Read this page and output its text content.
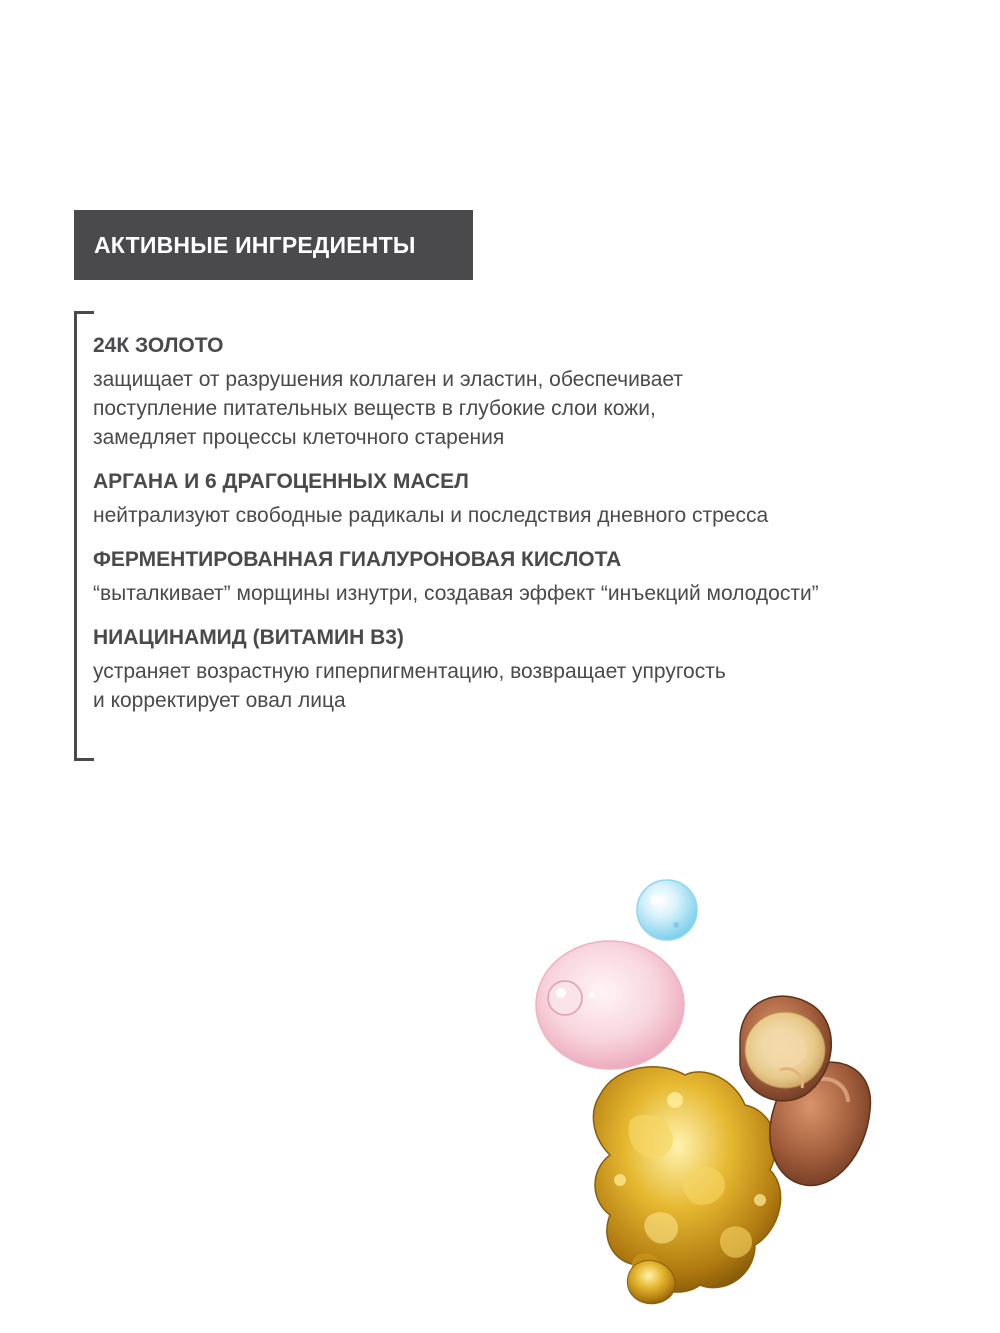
АКТИВНЫЕ ИНГРЕДИЕНТЫ
24К ЗОЛОТО
защищает от разрушения коллаген и эластин, обеспечивает
поступление питательных веществ в глубокие слои кожи,
замедляет процессы клеточного старения
АРГАНА И 6 ДРАГОЦЕННЫХ МАСЕЛ
нейтрализуют свободные радикалы и последствия дневного стресса
ФЕРМЕНТИРОВАННАЯ ГИАЛУРОНОВАЯ КИСЛОТА
“выталкивает” морщины изнутри, создавая эффект “инъекций молодости”
НИАЦИНАМИД (ВИТАМИН В3)
устраняет возрастную гиперпигментацию, возвращает упругость
и корректирует овал лица
